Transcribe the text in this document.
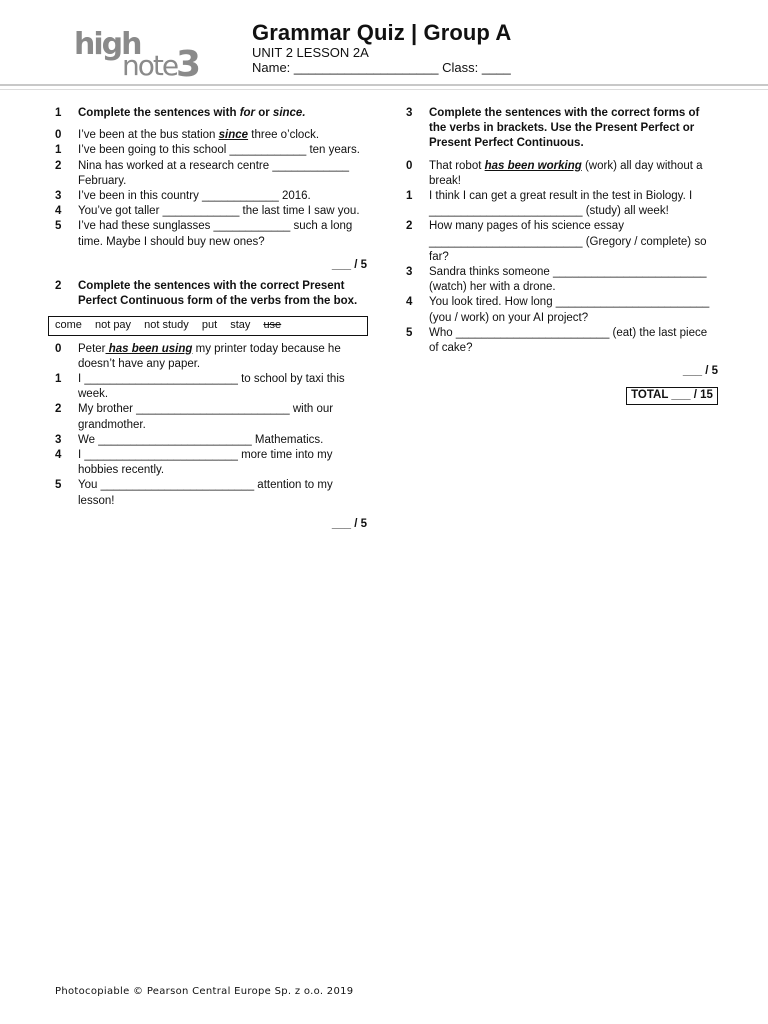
high
note
3
Grammar Quiz | Group A
UNIT 2 LESSON 2A
Name: ____________________ Class: ____
1	Complete the sentences with for or since.
0	I’ve been at the bus station since three o’clock.
1	I’ve been going to this school ____________ ten years.
2	Nina has worked at a research centre ____________ February.
3	I’ve been in this country ____________ 2016.
4	You’ve got taller ____________ the last time I saw you.
5	I’ve had these sunglasses ____________ such a long time. Maybe I should buy new ones?
___ / 5
2	Complete the sentences with the correct Present Perfect Continuous form of the verbs from the box.
come not pay not study put stay use
0	Peter has been using my printer today because he doesn’t have any paper.
1	I ________________________ to school by taxi this week.
2	My brother ________________________ with our grandmother.
3	We ________________________ Mathematics.
4	I ________________________ more time into my hobbies recently.
5	You ________________________ attention to my lesson!
___ / 5
3	Complete the sentences with the correct forms of the verbs in brackets. Use the Present Perfect or Present Perfect Continuous.
0	That robot has been working (work) all day without a break!
1	I think I can get a great result in the test in Biology. I ________________________ (study) all week!
2	How many pages of his science essay ________________________ (Gregory / complete) so far?
3	Sandra thinks someone ________________________ (watch) her with a drone.
4	You look tired. How long ________________________ (you / work) on your AI project?
5	Who ________________________ (eat) the last piece of cake?
___ / 5
TOTAL ___ / 15
Photocopiable © Pearson Central Europe Sp. z o.o. 2019
